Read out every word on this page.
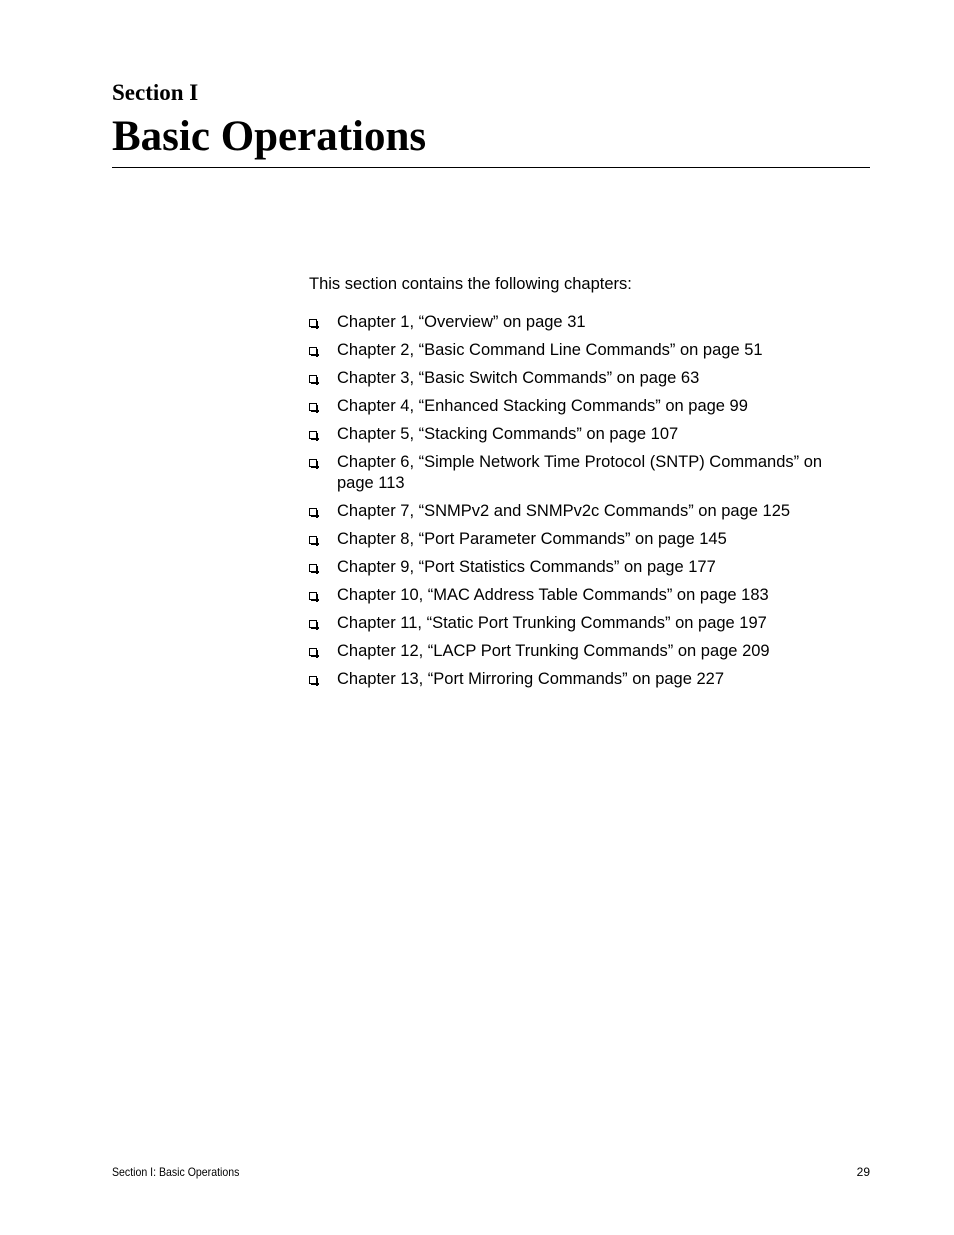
Section I
Basic Operations

This section contains the following chapters:

Chapter 1, “Overview” on page 31
Chapter 2, “Basic Command Line Commands” on page 51
Chapter 3, “Basic Switch Commands” on page 63
Chapter 4, “Enhanced Stacking Commands” on page 99
Chapter 5, “Stacking Commands” on page 107
Chapter 6, “Simple Network Time Protocol (SNTP) Commands” on page 113
Chapter 7, “SNMPv2 and SNMPv2c Commands” on page 125
Chapter 8, “Port Parameter Commands” on page 145
Chapter 9, “Port Statistics Commands” on page 177
Chapter 10, “MAC Address Table Commands” on page 183
Chapter 11, “Static Port Trunking Commands” on page 197
Chapter 12, “LACP Port Trunking Commands” on page 209
Chapter 13, “Port Mirroring Commands” on page 227
Section I: Basic Operations	29
